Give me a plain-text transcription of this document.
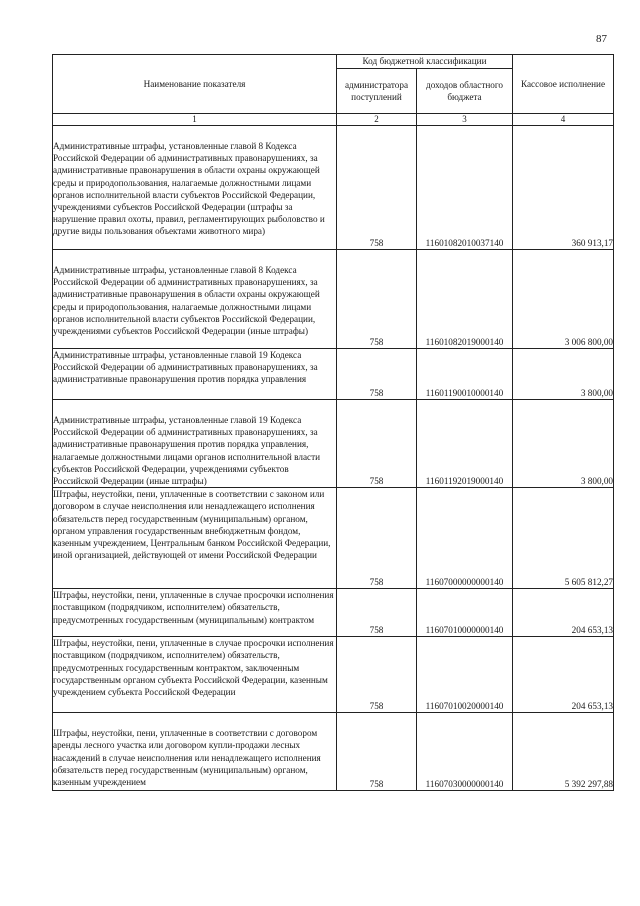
87
Наименование показателя	Код бюджетной классификации		Кассовое исполнение
	администратора поступлений	доходов областного бюджета	
1	2	3	4
Административные штрафы, установленные главой 8 Кодекса Российской Федерации об административных правонарушениях, за административные правонарушения в области охраны окружающей среды и природопользования, налагаемые должностными лицами органов исполнительной власти субъектов Российской Федерации, учреждениями субъектов Российской Федерации (штрафы за нарушение правил охоты, правил, регламентирующих рыболовство и другие виды пользования объектами животного мира)	758	11601082010037140	360 913,17
Административные штрафы, установленные главой 8 Кодекса Российской Федерации об административных правонарушениях, за административные правонарушения в области охраны окружающей среды и природопользования, налагаемые должностными лицами органов исполнительной власти субъектов Российской Федерации, учреждениями субъектов Российской Федерации (иные штрафы)	758	11601082019000140	3 006 800,00
Административные штрафы, установленные главой 19 Кодекса Российской Федерации об административных правонарушениях, за административные правонарушения против порядка управления	758	11601190010000140	3 800,00
Административные штрафы, установленные главой 19 Кодекса Российской Федерации об административных правонарушениях, за административные правонарушения против порядка управления, налагаемые должностными лицами органов исполнительной власти субъектов Российской Федерации, учреждениями субъектов Российской Федерации (иные штрафы)	758	11601192019000140	3 800,00
Штрафы, неустойки, пени, уплаченные в соответствии с законом или договором в случае неисполнения или ненадлежащего исполнения обязательств перед государственным (муниципальным) органом, органом управления государственным внебюджетным фондом, казенным учреждением, Центральным банком Российской Федерации, иной организацией, действующей от имени Российской Федерации	758	11607000000000140	5 605 812,27
Штрафы, неустойки, пени, уплаченные в случае просрочки исполнения поставщиком (подрядчиком, исполнителем) обязательств, предусмотренных государственным (муниципальным) контрактом	758	11607010000000140	204 653,13
Штрафы, неустойки, пени, уплаченные в случае просрочки исполнения поставщиком (подрядчиком, исполнителем) обязательств, предусмотренных государственным контрактом, заключенным государственным органом субъекта Российской Федерации, казенным учреждением субъекта Российской Федерации	758	11607010020000140	204 653,13
Штрафы, неустойки, пени, уплаченные в соответствии с договором аренды лесного участка или договором купли-продажи лесных насаждений в случае неисполнения или ненадлежащего исполнения обязательств перед государственным (муниципальным) органом, казенным учреждением	758	11607030000000140	5 392 297,88
